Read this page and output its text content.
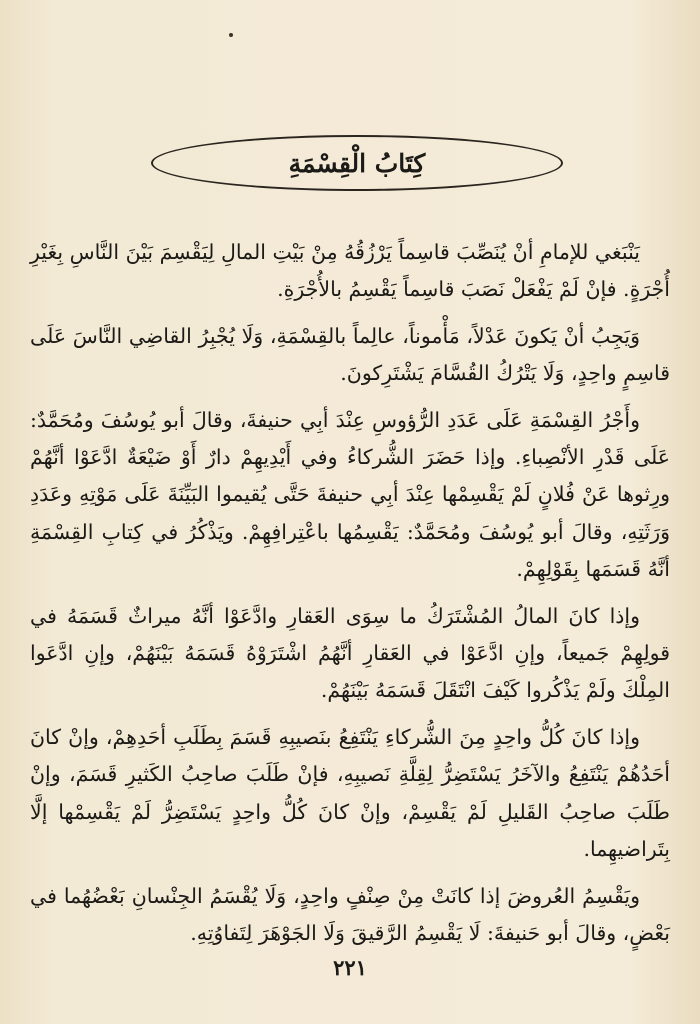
كِتَابُ الْقِسْمَةِ

يَنْبَغي للإمامِ أنْ يُنَصِّبَ قاسِماً يَرْزُقُهُ مِنْ بَيْتِ المالِ لِيَقْسِمَ بَيْنَ النَّاسِ بِغَيْرِ أُجْرَةٍ. فإنْ لَمْ يَفْعَلْ نَصَبَ قاسِماً يَقْسِمُ بالأُجْرَةِ.

وَيَجِبُ أنْ يَكونَ عَدْلاً، مَأْموناً، عالِماً بالقِسْمَةِ، وَلَا يُجْبِرُ القاضِي النَّاسَ عَلَى قاسِمٍ واحِدٍ، وَلَا يَتْرُكُ القُسَّامَ يَشْتَرِكونَ.

وأَجْرُ القِسْمَةِ عَلَى عَدَدِ الرُّؤوسِ عِنْدَ أبِي حنيفةَ، وقالَ أبو يُوسُفَ ومُحَمَّدٌ: عَلَى قَدْرِ الأنْصِباءِ. وإذا حَضَرَ الشُّركاءُ وفي أَيْدِيهِمْ دارٌ أَوْ ضَيْعَةٌ ادَّعَوْا أنَّهُمْ ورِثوها عَنْ فُلانٍ لَمْ يَقْسِمْها عِنْدَ أبِي حنيفةَ حَتَّى يُقيموا البَيِّنَةَ عَلَى مَوْتِهِ وعَدَدِ وَرَثَتِهِ، وقالَ أبو يُوسُفَ ومُحَمَّدٌ: يَقْسِمُها باعْتِرافِهِمْ. ويَذْكُرُ في كِتابِ القِسْمَةِ أنَّهُ قَسَمَها بِقَوْلِهِمْ.

وإذا كانَ المالُ المُشْتَرَكُ ما سِوَى العَقارِ وادَّعَوْا أنَّهُ ميراثٌ قَسَمَهُ في قولِهِمْ جَميعاً، وإنِ ادَّعَوْا في العَقارِ أنَّهُمُ اشْتَرَوْهُ قَسَمَهُ بَيْنَهُمْ، وإنِ ادَّعَوا المِلْكَ ولَمْ يَذْكُروا كَيْفَ انْتَقَلَ قَسَمَهُ بَيْنَهُمْ.

وإذا كانَ كُلُّ واحِدٍ مِنَ الشُّركاءِ يَنْتَفِعُ بنَصيبِهِ قَسَمَ بِطَلَبِ أحَدِهِمْ، وإنْ كانَ أحَدُهُمْ يَنْتَفِعُ والآخَرُ يَسْتَضِرُّ لِقِلَّةِ نَصيبِهِ، فإنْ طَلَبَ صاحِبُ الكَثيرِ قَسَمَ، وإنْ طَلَبَ صاحِبُ القَليلِ لَمْ يَقْسِمْ، وإنْ كانَ كُلُّ واحِدٍ يَسْتَضِرُّ لَمْ يَقْسِمْها إلَّا بِتَراضيهِما.

ويَقْسِمُ العُروضَ إذا كانَتْ مِنْ صِنْفٍ واحِدٍ، وَلَا يُقْسَمُ الجِنْسانِ بَعْضُهُما في بَعْضٍ، وقالَ أبو حَنيفةَ: لَا يَقْسِمُ الرَّقيقَ وَلَا الجَوْهَرَ لِتَفاوُتِهِ.

٢٢١
